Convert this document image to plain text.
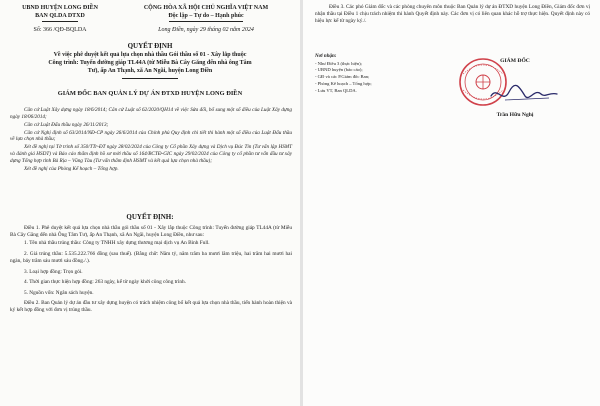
UBND HUYỆN LONG ĐIỀN
BAN QLDA DTXD
Số: 366 /QĐ-BQLDA
CỘNG HÒA XÃ HỘI CHỦ NGHĨA VIỆT NAM
Độc lập – Tự do – Hạnh phúc
Long Điền, ngày 29 tháng 02 năm 2024
QUYẾT ĐỊNH
Về việc phê duyệt kết quả lựa chọn nhà thầu Gói thầu số 01 - Xây lắp thuộc
Công trình: Tuyến đường giáp TL44A (từ Miễu Bà Cây Găng đến nhà ông Tâm
Tư), ấp An Thạnh, xã An Ngãi, huyện Long Điền
GIÁM ĐỐC BAN QUẢN LÝ DỰ ÁN ĐTXD HUYỆN LONG ĐIỀN

Căn cứ Luật Xây dựng ngày 18/6/2014; Căn cứ Luật số 62/2020/QH14 về việc Sửa đổi, bổ sung một số điều của Luật Xây dựng ngày 18/06/2014;

Căn cứ Luật Đấu thầu ngày 26/11/2013;

Căn cứ Nghị định số 63/2014/NĐ-CP ngày 26/6/2014 của Chính phủ Quy định chi tiết thi hành một số điều của Luật Đấu thầu về lựa chọn nhà thầu;

Xét đề nghị tại Tờ trình số 350/TTr-ĐT ngày 28/02/2024 của Công ty Cổ phần Xây dựng và Dịch vụ Đúc Tín (Tư vấn lập HSMT và đánh giá HSDT) và Báo cáo thẩm định hồ sơ mời thầu số 164/BCTĐ-GIC ngày 29/02/2024 của Công ty cổ phần tư vấn đầu tư xây dựng Tổng hợp tỉnh Bà Rịa – Vũng Tàu (Tư vấn thẩm định HSMT và kết quả lựa chọn nhà thầu);

Xét đề nghị của Phòng Kế hoạch – Tổng hợp.

QUYẾT ĐỊNH:

Điều 1. Phê duyệt kết quả lựa chọn nhà thầu gói thầu số 01 - Xây lắp thuộc Công trình: Tuyến đường giáp TL44A (từ Miễu Bà Cây Găng đến nhà Ông Tâm Tư), ấp An Thạnh, xã An Ngãi, huyện Long Điền, như sau:

1. Tên nhà thầu trúng thầu: Công ty TNHH xây dựng thương mại dịch vụ An Bình Full.

2. Giá trúng thầu: 5.535.222.766 đồng (sau thuế). (Bằng chữ: Năm tỷ, năm trăm ba mươi lăm triệu, hai trăm hai mươi hai ngàn, bảy trăm sáu mươi sáu đồng./.).

3. Loại hợp đồng: Trọn gói.

4. Thời gian thực hiện hợp đồng: 263 ngày, kể từ ngày khởi công công trình.

5. Nguồn vốn: Ngân sách huyện.

Điều 2. Ban Quản lý dự án đầu tư xây dựng huyện có trách nhiệm công bố kết quả lựa chọn nhà thầu, tiến hành hoàn thiện và ký kết hợp đồng với đơn vị trúng thầu.

Điều 3. Các phó Giám đốc và các phòng chuyên môn thuộc Ban Quản lý dự án ĐTXD huyện Long Điền, Giám đốc đơn vị nhận thầu tại Điều 1 chịu trách nhiệm thi hành Quyết định này. Các đơn vị có liên quan khác hỗ trợ thực hiện. Quyết định này có hiệu lực kể từ ngày ký./.

Nơi nhận:
- Như Điều 3 (thực hiện);
- UBND huyện (báo cáo);
- GĐ và các P.Giám đốc Ban;
- Phòng Kế hoạch – Tổng hợp;
- Lưu VT, Ban QLDA.
GIÁM ĐỐC
Trần Hữu Nghị
